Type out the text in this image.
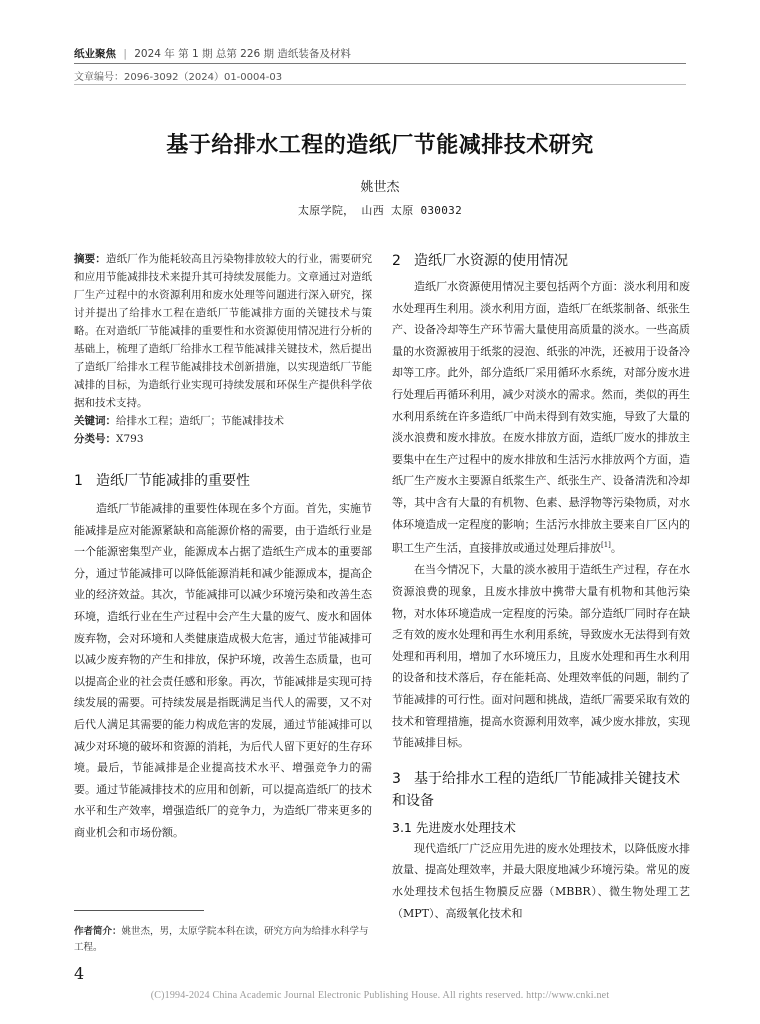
纸业聚焦 | 2024 年 第 1 期 总第 226 期 造纸装备及材料
文章编号：2096-3092（2024）01-0004-03
基于给排水工程的造纸厂节能减排技术研究
姚世杰
太原学院， 山西 太原 030032
摘要：造纸厂作为能耗较高且污染物排放较大的行业，需要研究和应用节能减排技术来提升其可持续发展能力。文章通过对造纸厂生产过程中的水资源利用和废水处理等问题进行深入研究，探讨并提出了给排水工程在造纸厂节能减排方面的关键技术与策略。在对造纸厂节能减排的重要性和水资源使用情况进行分析的基础上，梳理了造纸厂给排水工程节能减排关键技术，然后提出了造纸厂给排水工程节能减排技术创新措施，以实现造纸厂节能减排的目标，为造纸行业实现可持续发展和环保生产提供科学依据和技术支持。
关键词：给排水工程；造纸厂；节能减排技术
分类号：X793
1 造纸厂节能减排的重要性

造纸厂节能减排的重要性体现在多个方面。首先，实施节能减排是应对能源紧缺和高能源价格的需要，由于造纸行业是一个能源密集型产业，能源成本占据了造纸生产成本的重要部分，通过节能减排可以降低能源消耗和减少能源成本，提高企业的经济效益。其次，节能减排可以减少环境污染和改善生态环境，造纸行业在生产过程中会产生大量的废气、废水和固体废弃物，会对环境和人类健康造成极大危害，通过节能减排可以减少废弃物的产生和排放，保护环境，改善生态质量，也可以提高企业的社会责任感和形象。再次，节能减排是实现可持续发展的需要。可持续发展是指既满足当代人的需要，又不对后代人满足其需要的能力构成危害的发展，通过节能减排可以减少对环境的破坏和资源的消耗，为后代人留下更好的生存环境。最后，节能减排是企业提高技术水平、增强竞争力的需要。通过节能减排技术的应用和创新，可以提高造纸厂的技术水平和生产效率，增强造纸厂的竞争力，为造纸厂带来更多的商业机会和市场份额。

2 造纸厂水资源的使用情况

造纸厂水资源使用情况主要包括两个方面：淡水利用和废水处理再生利用。淡水利用方面，造纸厂在纸浆制备、纸张生产、设备冷却等生产环节需大量使用高质量的淡水。一些高质量的水资源被用于纸浆的浸泡、纸张的冲洗，还被用于设备冷却等工序。此外，部分造纸厂采用循环水系统，对部分废水进行处理后再循环利用，减少对淡水的需求。然而，类似的再生水利用系统在许多造纸厂中尚未得到有效实施，导致了大量的淡水浪费和废水排放。在废水排放方面，造纸厂废水的排放主要集中在生产过程中的废水排放和生活污水排放两个方面，造纸厂生产废水主要源自纸浆生产、纸张生产、设备清洗和冷却等，其中含有大量的有机物、色素、悬浮物等污染物质，对水体环境造成一定程度的影响；生活污水排放主要来自厂区内的职工生产生活，直接排放或通过处理后排放[1]。

在当今情况下，大量的淡水被用于造纸生产过程，存在水资源浪费的现象，且废水排放中携带大量有机物和其他污染物，对水体环境造成一定程度的污染。部分造纸厂同时存在缺乏有效的废水处理和再生水利用系统，导致废水无法得到有效处理和再利用，增加了水环境压力，且废水处理和再生水利用的设备和技术落后，存在能耗高、处理效率低的问题，制约了节能减排的可行性。面对问题和挑战，造纸厂需要采取有效的技术和管理措施，提高水资源利用效率，减少废水排放，实现节能减排目标。

3 基于给排水工程的造纸厂节能减排关键技术和设备
3.1 先进废水处理技术

现代造纸厂广泛应用先进的废水处理技术，以降低废水排放量、提高处理效率，并最大限度地减少环境污染。常见的废水处理技术包括生物膜反应器（MBBR）、微生物处理工艺（MPT）、高级氧化技术和

作者简介：姚世杰，男，太原学院本科在读，研究方向为给排水科学与工程。
4
(C)1994-2024 China Academic Journal Electronic Publishing House. All rights reserved. http://www.cnki.net
